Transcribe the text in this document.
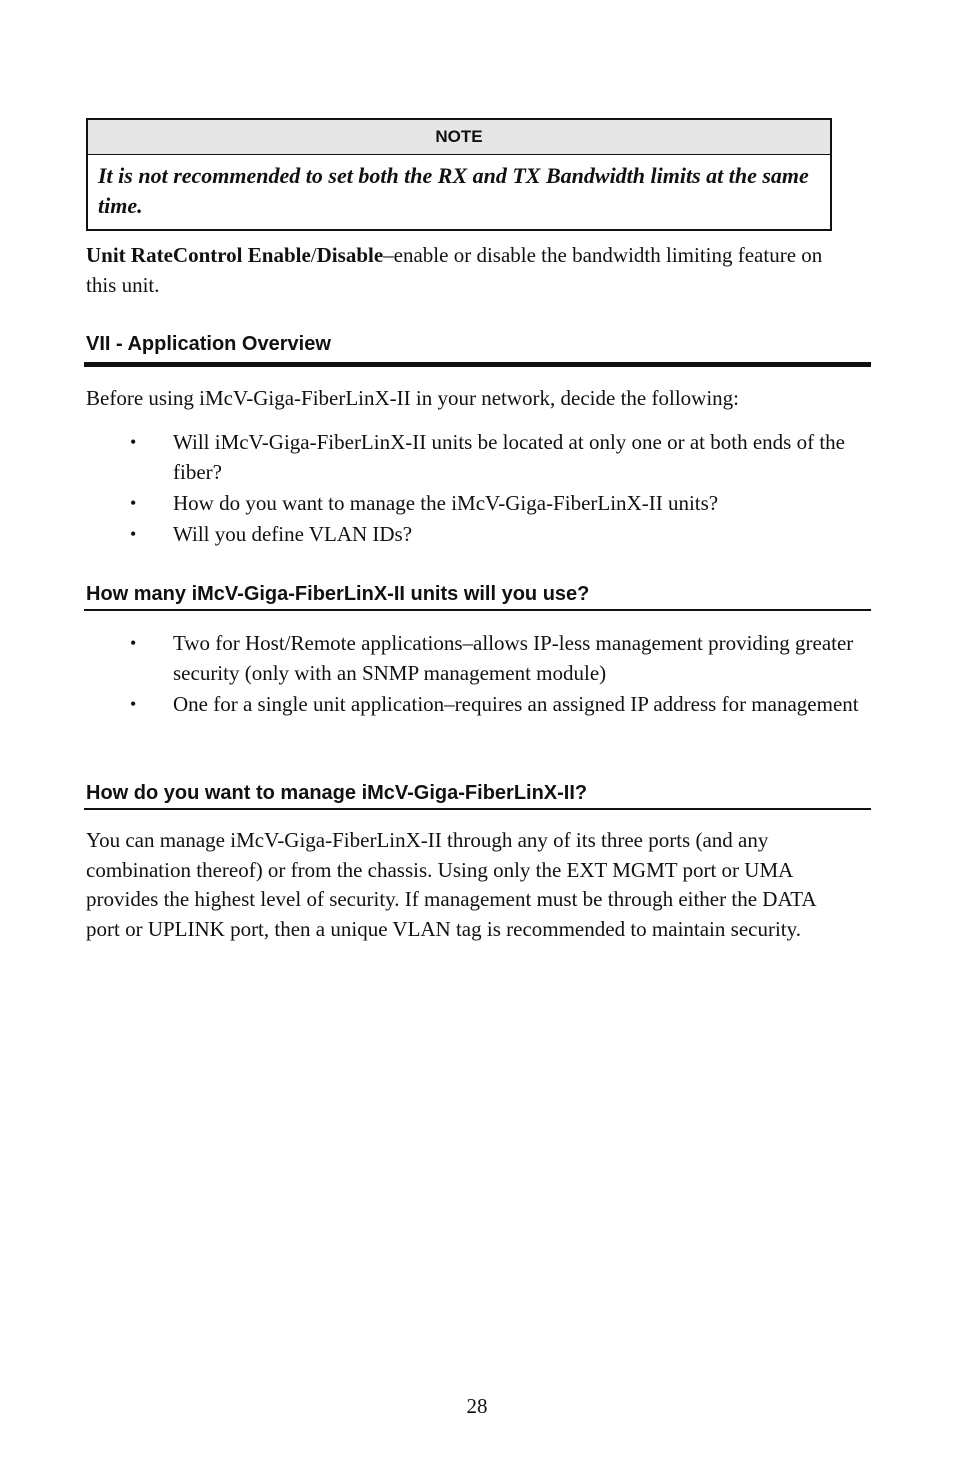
NOTE
It is not recommended to set both the RX and TX Bandwidth limits at the same time.
Unit RateControl Enable/Disable–enable or disable the bandwidth limiting feature on this unit.
VII - Application Overview
Before using iMcV-Giga-FiberLinX-II in your network, decide the following:
• Will iMcV-Giga-FiberLinX-II units be located at only one or at both ends of the fiber?
• How do you want to manage the iMcV-Giga-FiberLinX-II units?
• Will you define VLAN IDs?
How many iMcV-Giga-FiberLinX-II units will you use?
• Two for Host/Remote applications–allows IP-less management providing greater security (only with an SNMP management module)
• One for a single unit application–requires an assigned IP address for management
How do you want to manage iMcV-Giga-FiberLinX-II?
You can manage iMcV-Giga-FiberLinX-II through any of its three ports (and any combination thereof) or from the chassis. Using only the EXT MGMT port or UMA provides the highest level of security. If management must be through either the DATA port or UPLINK port, then a unique VLAN tag is recommended to maintain security.
28
